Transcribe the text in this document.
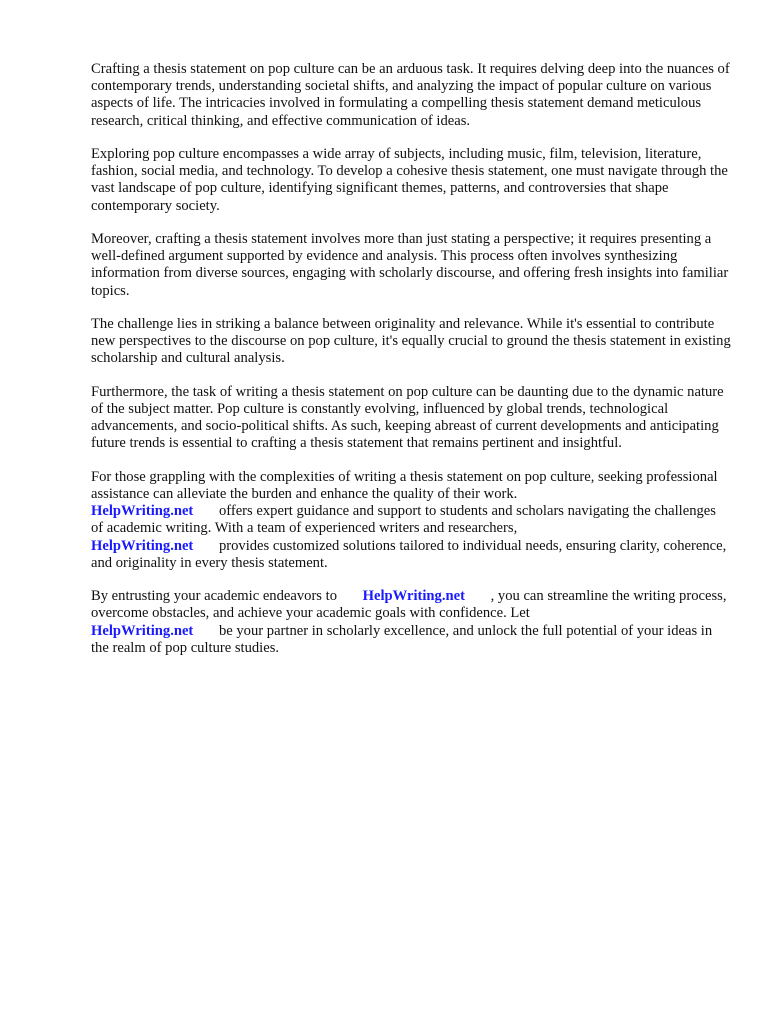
Crafting a thesis statement on pop culture can be an arduous task. It requires delving deep into the nuances of contemporary trends, understanding societal shifts, and analyzing the impact of popular culture on various aspects of life. The intricacies involved in formulating a compelling thesis statement demand meticulous research, critical thinking, and effective communication of ideas.

Exploring pop culture encompasses a wide array of subjects, including music, film, television, literature, fashion, social media, and technology. To develop a cohesive thesis statement, one must navigate through the vast landscape of pop culture, identifying significant themes, patterns, and controversies that shape contemporary society.

Moreover, crafting a thesis statement involves more than just stating a perspective; it requires presenting a well-defined argument supported by evidence and analysis. This process often involves synthesizing information from diverse sources, engaging with scholarly discourse, and offering fresh insights into familiar topics.

The challenge lies in striking a balance between originality and relevance. While it's essential to contribute new perspectives to the discourse on pop culture, it's equally crucial to ground the thesis statement in existing scholarship and cultural analysis.

Furthermore, the task of writing a thesis statement on pop culture can be daunting due to the dynamic nature of the subject matter. Pop culture is constantly evolving, influenced by global trends, technological advancements, and socio-political shifts. As such, keeping abreast of current developments and anticipating future trends is essential to crafting a thesis statement that remains pertinent and insightful.

For those grappling with the complexities of writing a thesis statement on pop culture, seeking professional assistance can alleviate the burden and enhance the quality of their work.
HelpWriting.net offers expert guidance and support to students and scholars navigating the challenges of academic writing. With a team of experienced writers and researchers,
HelpWriting.net provides customized solutions tailored to individual needs, ensuring clarity, coherence, and originality in every thesis statement.

By entrusting your academic endeavors to HelpWriting.net , you can streamline the writing process, overcome obstacles, and achieve your academic goals with confidence. Let
HelpWriting.net be your partner in scholarly excellence, and unlock the full potential of your ideas in the realm of pop culture studies.
